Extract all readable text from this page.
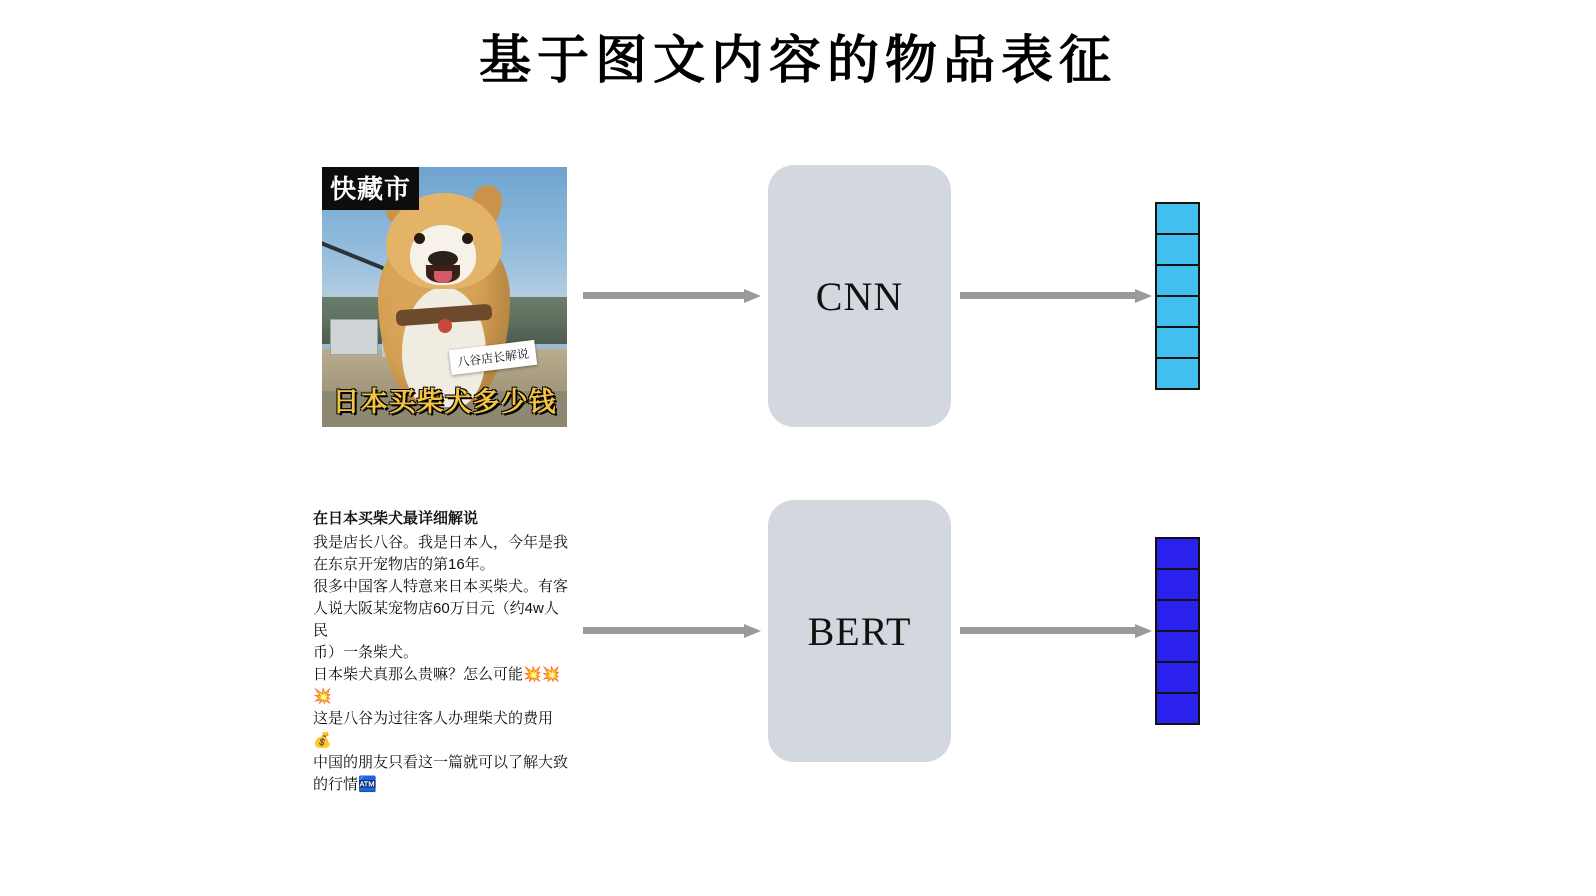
基于图文内容的物品表征
快藏市
八谷店长解说
日本买柴犬多少钱

在日本买柴犬最详细解说

我是店长八谷。我是日本人，今年是我

在东京开宠物店的第16年。

很多中国客人特意来日本买柴犬。有客

人说大阪某宠物店60万日元（约4w人民

币）一条柴犬。

日本柴犬真那么贵嘛？怎么可能💥💥

💥

这是八谷为过往客人办理柴犬的费用💰

中国的朋友只看这一篇就可以了解大致

的行情🏧

CNN
BERT
